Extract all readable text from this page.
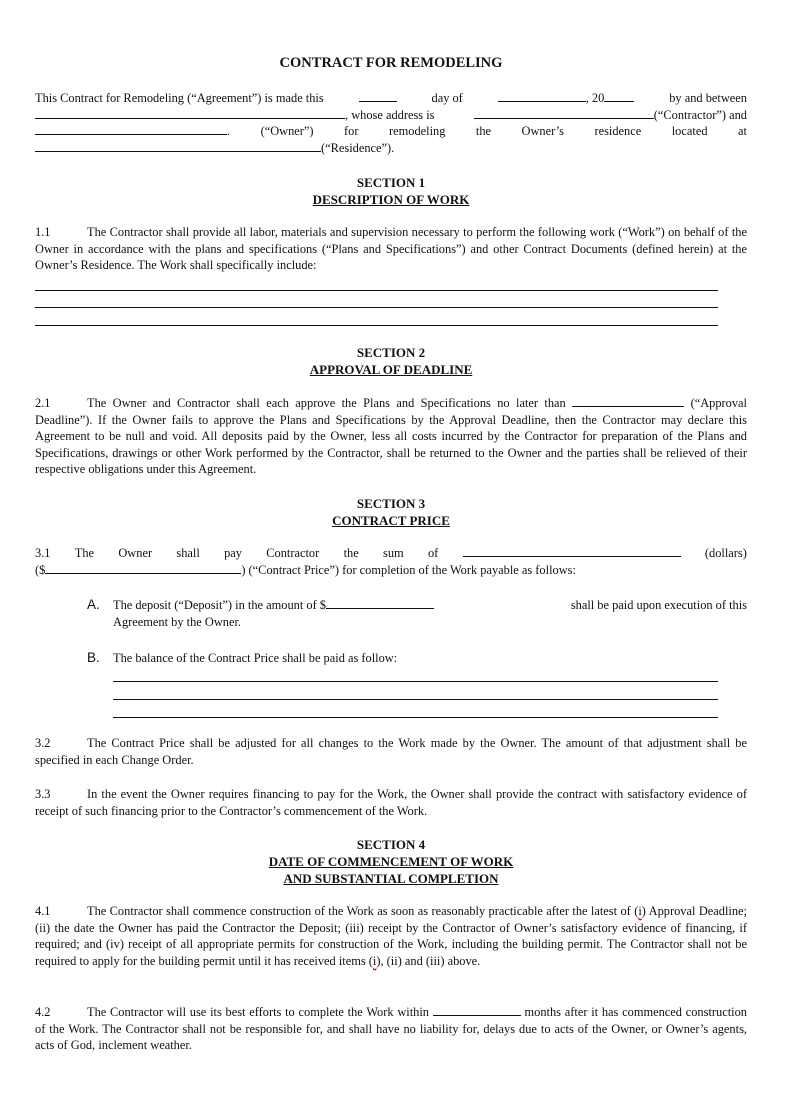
CONTRACT FOR REMODELING
This Contract for Remodeling (“Agreement”) is made this	day of	, 20	by and between
, whose address is	(“Contractor”) and
. (“Owner”) for remodeling the Owner’s residence located at
(“Residence”).
SECTION 1
DESCRIPTION OF WORK
1.1	The Contractor shall provide all labor, materials and supervision necessary to perform the following work (“Work”) on behalf of the Owner in accordance with the plans and specifications (“Plans and Specifications”) and other Contract Documents (defined herein) at the Owner’s Residence. The Work shall specifically include:
SECTION 2
APPROVAL OF DEADLINE
2.1	The Owner and Contractor shall each approve the Plans and Specifications no later than	(“Approval Deadline”). If the Owner fails to approve the Plans and Specifications by the Approval Deadline, then the Contractor may declare this Agreement to be null and void. All deposits paid by the Owner, less all costs incurred by the Contractor for preparation of the Plans and Specifications, drawings or other Work performed by the Contractor, shall be returned to the Owner and the parties shall be relieved of their respective obligations under this Agreement.
SECTION 3
CONTRACT PRICE
3.1 The Owner shall pay Contractor the sum of	(dollars)
($	) (“Contract Price”) for completion of the Work payable as follows:
A. The deposit (“Deposit”) in the amount of $	shall be paid upon execution of this
Agreement by the Owner.
B. The balance of the Contract Price shall be paid as follow:
3.2	The Contract Price shall be adjusted for all changes to the Work made by the Owner. The amount of that adjustment shall be specified in each Change Order.
3.3	In the event the Owner requires financing to pay for the Work, the Owner shall provide the contract with satisfactory evidence of receipt of such financing prior to the Contractor’s commencement of the Work.
SECTION 4
DATE OF COMMENCEMENT OF WORK
AND SUBSTANTIAL COMPLETION
4.1	The Contractor shall commence construction of the Work as soon as reasonably practicable after the latest of (i) Approval Deadline; (ii) the date the Owner has paid the Contractor the Deposit; (iii) receipt by the Contractor of Owner’s satisfactory evidence of financing, if required; and (iv) receipt of all appropriate permits for construction of the Work, including the building permit. The Contractor shall not be required to apply for the building permit until it has received items (i), (ii) and (iii) above.
4.2	The Contractor will use its best efforts to complete the Work within	months after it has commenced construction of the Work. The Contractor shall not be responsible for, and shall have no liability for, delays due to acts of the Owner, or Owner’s agents, acts of God, inclement weather.
